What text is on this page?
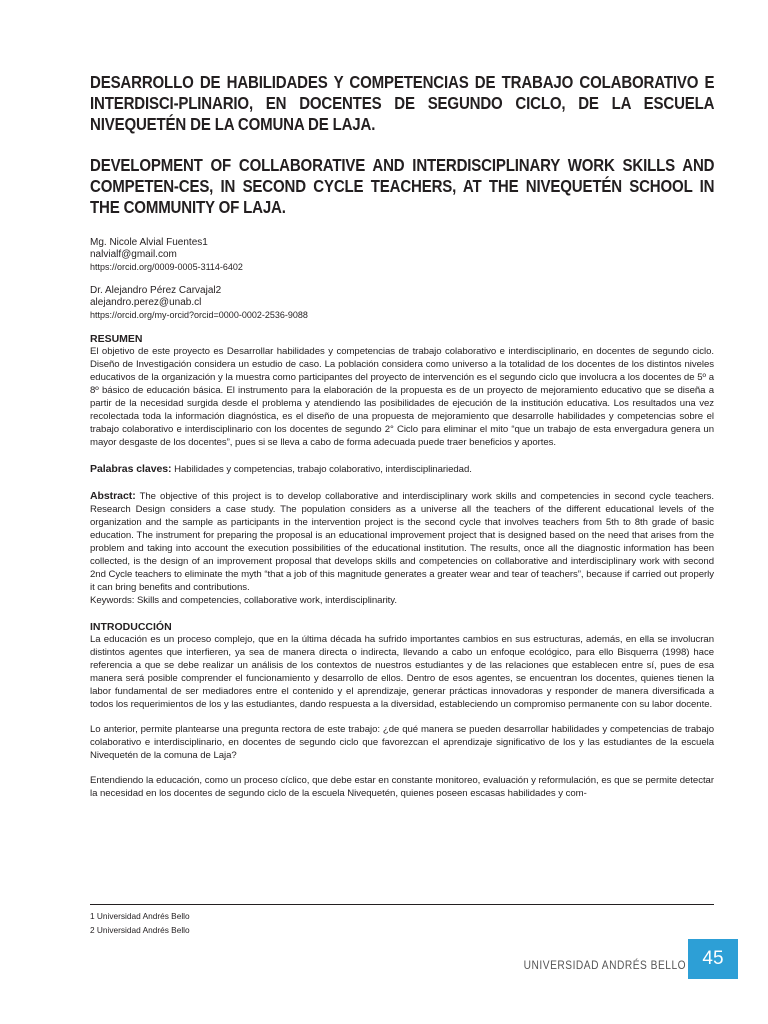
DESARROLLO DE HABILIDADES Y COMPETENCIAS DE TRABAJO COLABORATIVO E INTERDISCI-PLINARIO, EN DOCENTES DE SEGUNDO CICLO, DE LA ESCUELA NIVEQUETÉN DE LA COMUNA DE LAJA.
DEVELOPMENT OF COLLABORATIVE AND INTERDISCIPLINARY WORK SKILLS AND COMPETEN-CES, IN SECOND CYCLE TEACHERS, AT THE NIVEQUETÉN SCHOOL IN THE COMMUNITY OF LAJA.
Mg. Nicole Alvial Fuentes1
nalvialf@gmail.com
https://orcid.org/0009-0005-3114-6402
Dr. Alejandro Pérez Carvajal2
alejandro.perez@unab.cl
https://orcid.org/my-orcid?orcid=0000-0002-2536-9088
RESUMEN

El objetivo de este proyecto es Desarrollar habilidades y competencias de trabajo colaborativo e interdisciplinario, en docentes de segundo ciclo. Diseño de Investigación considera un estudio de caso. La población considera como universo a la totalidad de los docentes de los distintos niveles educativos de la organización y la muestra como participantes del proyecto de intervención es el segundo ciclo que involucra a los docentes de 5º a 8º básico de educación básica. El instrumento para la elaboración de la propuesta es de un proyecto de mejoramiento educativo que se diseña a partir de la necesidad surgida desde el problema y atendiendo las posibilidades de ejecución de la institución educativa. Los resultados una vez recolectada toda la información diagnóstica, es el diseño de una propuesta de mejoramiento que desarrolle habilidades y competencias sobre el trabajo colaborativo e interdisciplinario con los docentes de segundo 2° Ciclo para eliminar el mito “que un trabajo de esta envergadura genera un mayor desgaste de los docentes”, pues si se lleva a cabo de forma adecuada puede traer beneficios y aportes.

Palabras claves: Habilidades y competencias, trabajo colaborativo, interdisciplinariedad.

Abstract: The objective of this project is to develop collaborative and interdisciplinary work skills and competencies in second cycle teachers. Research Design considers a case study. The population considers as a universe all the teachers of the different educational levels of the organization and the sample as participants in the intervention project is the second cycle that involves teachers from 5th to 8th grade of basic education. The instrument for preparing the proposal is an educational improvement project that is designed based on the need that arises from the problem and taking into account the execution possibilities of the educational institution. The results, once all the diagnostic information has been collected, is the design of an improvement proposal that develops skills and competencies on collaborative and interdisciplinary work with second 2nd Cycle teachers to eliminate the myth “that a job of this magnitude generates a greater wear and tear of teachers”, because if carried out properly it can bring benefits and contributions.

Keywords: Skills and competencies, collaborative work, interdisciplinarity.

INTRODUCCIÓN

La educación es un proceso complejo, que en la última década ha sufrido importantes cambios en sus estructuras, además, en ella se involucran distintos agentes que interfieren, ya sea de manera directa o indirecta, llevando a cabo un enfoque ecológico, para ello Bisquerra (1998) hace referencia a que se debe realizar un análisis de los contextos de nuestros estudiantes y de las relaciones que establecen entre sí, pues de esa manera será posible comprender el funcionamiento y desarrollo de ellos. Dentro de esos agentes, se encuentran los docentes, quienes tienen la labor fundamental de ser mediadores entre el contenido y el aprendizaje, generar prácticas innovadoras y responder de manera diversificada a todos los requerimientos de los y las estudiantes, dando respuesta a la diversidad, estableciendo un compromiso permanente con su labor docente.

Lo anterior, permite plantearse una pregunta rectora de este trabajo: ¿de qué manera se pueden desarrollar habilidades y competencias de trabajo colaborativo e interdisciplinario, en docentes de segundo ciclo que favorezcan el aprendizaje significativo de los y las estudiantes de la escuela Nivequetén de la comuna de Laja?

Entendiendo la educación, como un proceso cíclico, que debe estar en constante monitoreo, evaluación y reformulación, es que se permite detectar la necesidad en los docentes de segundo ciclo de la escuela Nivequetén, quienes poseen escasas habilidades y com-

1 Universidad Andrés Bello
2 Universidad Andrés Bello
UNIVERSIDAD ANDRÉS BELLO 45
